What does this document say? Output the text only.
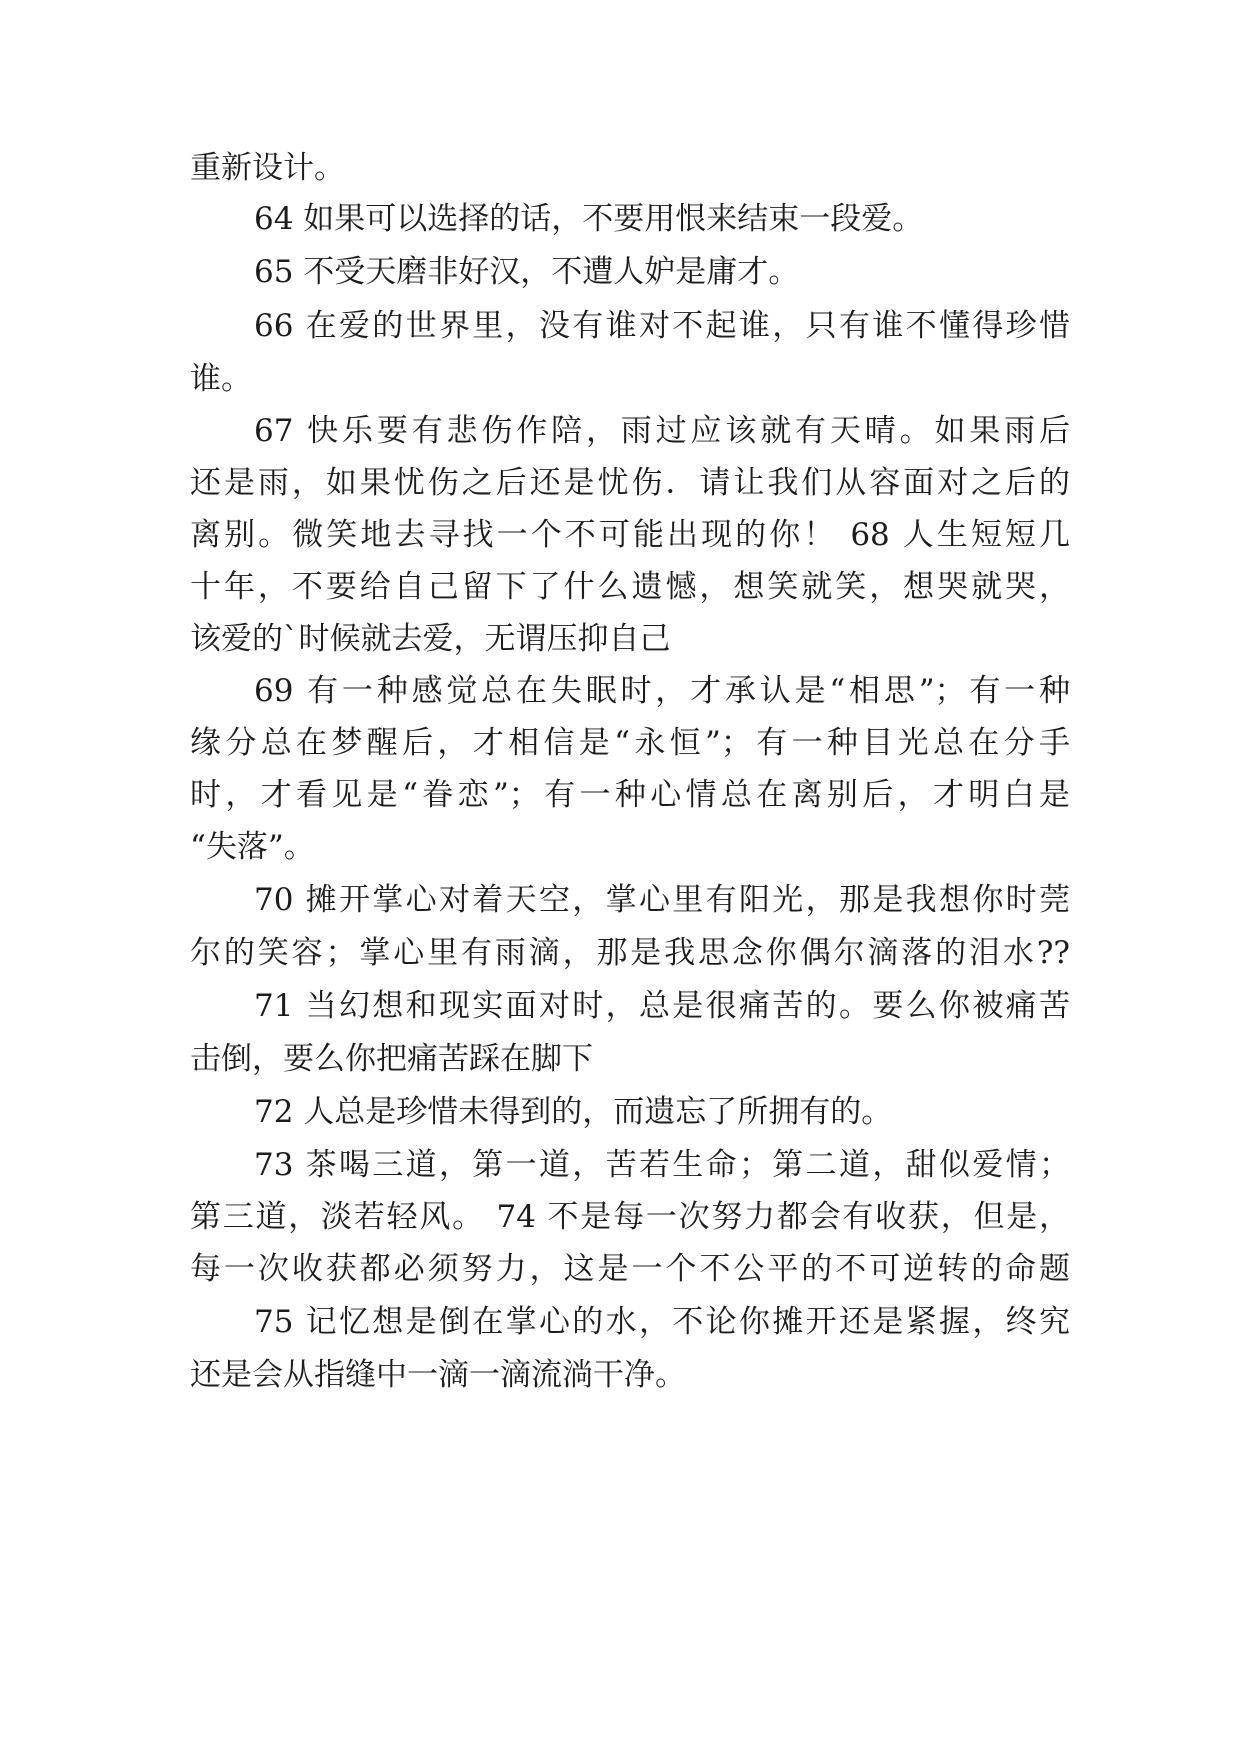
重新设计。

64 如果可以选择的话，不要用恨来结束一段爱。

65 不受天磨非好汉，不遭人妒是庸才。

66 在爱的世界里，没有谁对不起谁，只有谁不懂得珍惜

谁。

67 快乐要有悲伤作陪，雨过应该就有天晴。如果雨后

还是雨，如果忧伤之后还是忧伤．请让我们从容面对之后的

离别。微笑地去寻找一个不可能出现的你！ 68 人生短短几

十年，不要给自己留下了什么遗憾，想笑就笑，想哭就哭，

该爱的`时候就去爱，无谓压抑自己

69 有一种感觉总在失眠时，才承认是“相思”；有一种

缘分总在梦醒后，才相信是“永恒”；有一种目光总在分手

时，才看见是“眷恋”；有一种心情总在离别后，才明白是

“失落”。

70 摊开掌心对着天空，掌心里有阳光，那是我想你时莞

尔的笑容；掌心里有雨滴，那是我思念你偶尔滴落的泪水??

71 当幻想和现实面对时，总是很痛苦的。要么你被痛苦

击倒，要么你把痛苦踩在脚下

72 人总是珍惜未得到的，而遗忘了所拥有的。

73 茶喝三道，第一道，苦若生命；第二道，甜似爱情；

第三道，淡若轻风。 74 不是每一次努力都会有收获，但是，

每一次收获都必须努力，这是一个不公平的不可逆转的命题

75 记忆想是倒在掌心的水，不论你摊开还是紧握，终究

还是会从指缝中一滴一滴流淌干净。
